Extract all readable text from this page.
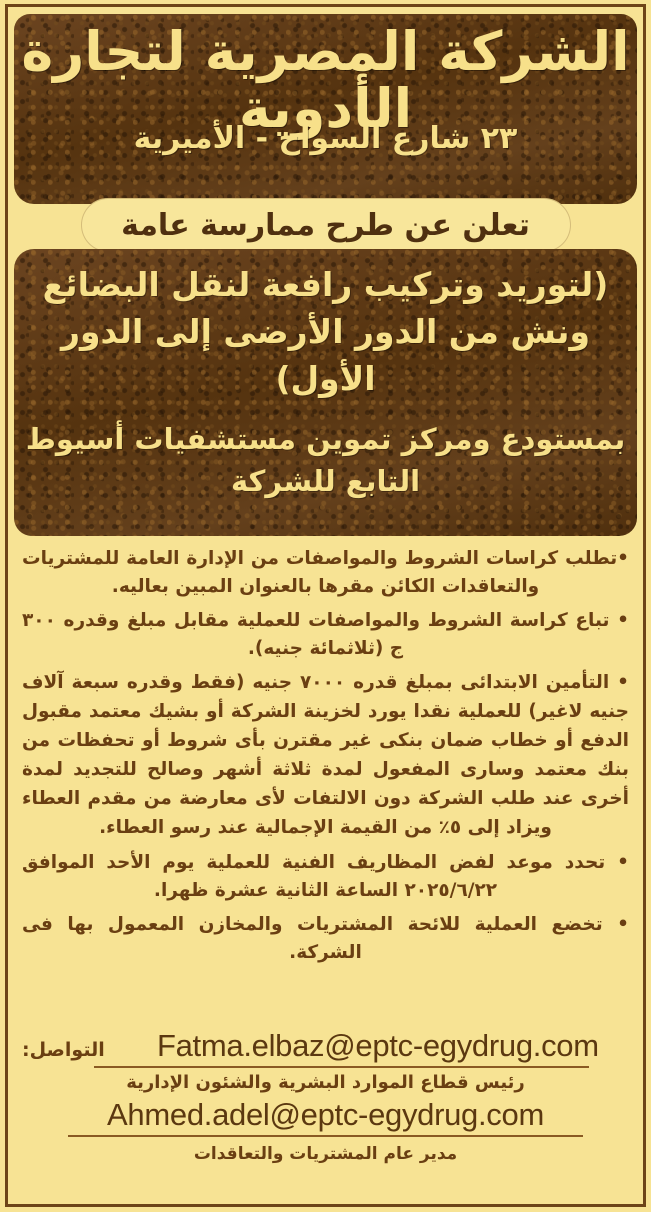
الشركة المصرية لتجارة الأدوية
٢٣ شارع السواح - الأميرية
تعلن عن طرح ممارسة عامة
(لتوريد وتركيب رافعة لنقل البضائع ونش من الدور الأرضى إلى الدور الأول)
بمستودع ومركز تموين مستشفيات أسيوط التابع للشركة
•تطلب كراسات الشروط والمواصفات من الإدارة العامة للمشتريات والتعاقدات الكائن مقرها بالعنوان المبين بعاليه.
• تباع كراسة الشروط والمواصفات للعملية مقابل مبلغ وقدره ٣٠٠ ج (ثلاثمائة جنيه).
• التأمين الابتدائى بمبلغ قدره ٧٠٠٠ جنيه (فقط وقدره سبعة آلاف جنيه لاغير) للعملية نقدا يورد لخزينة الشركة أو بشيك معتمد مقبول الدفع أو خطاب ضمان بنكى غير مقترن بأى شروط أو تحفظات من بنك معتمد وسارى المفعول لمدة ثلاثة أشهر وصالح للتجديد لمدة أخرى عند طلب الشركة دون الالتفات لأى معارضة من مقدم العطاء ويزاد إلى ٥٪ من القيمة الإجمالية عند رسو العطاء.
• تحدد موعد لفض المظاريف الفنية للعملية يوم الأحد الموافق ٢٠٢٥/٦/٢٢ الساعة الثانية عشرة ظهرا.
• تخضع العملية للائحة المشتريات والمخازن المعمول بها فى الشركة.
Fatma.elbaz@eptc-egydrug.com
التواصل:
رئيس قطاع الموارد البشرية والشئون الإدارية
Ahmed.adel@eptc-egydrug.com
مدير عام المشتريات والتعاقدات
